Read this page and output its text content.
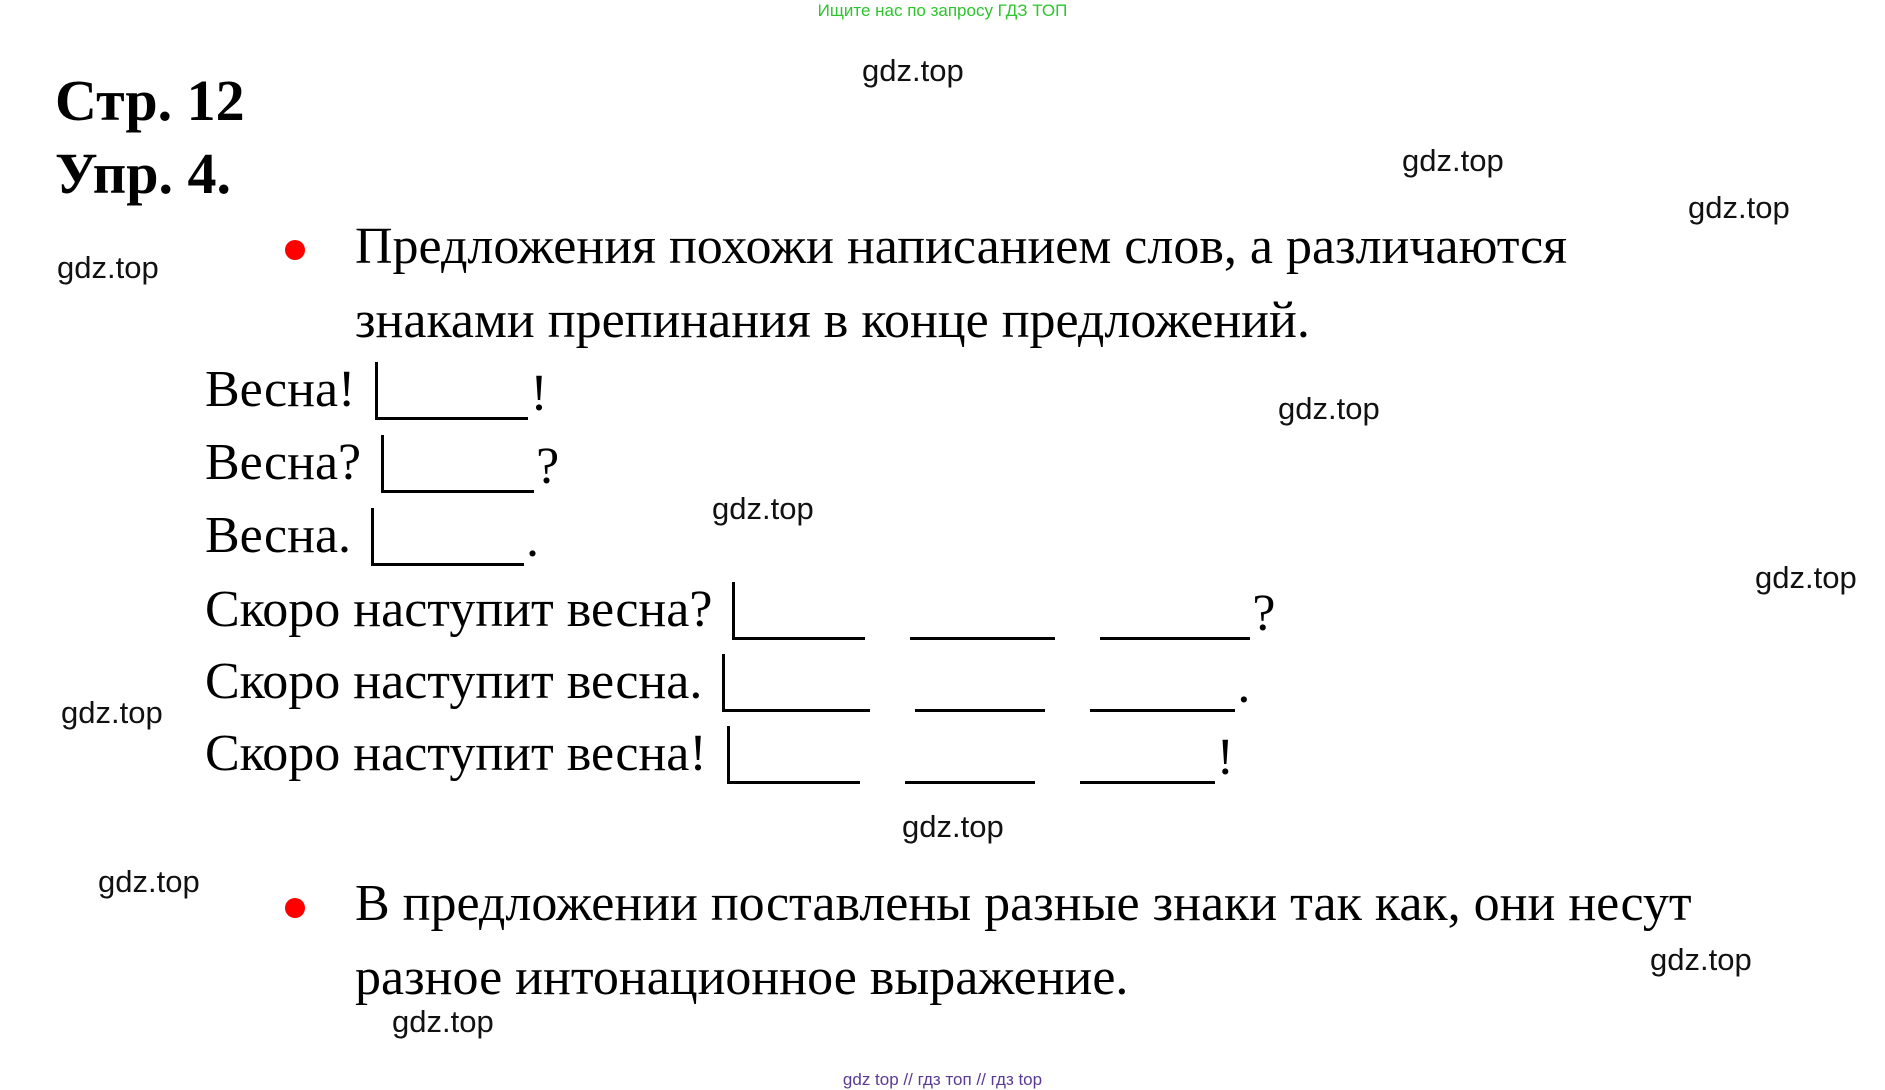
Ищите нас по запросу ГДЗ ТОП
Стр. 12
Упр. 4.
Предложения похожи написанием слов, а различаются
знаками препинания в конце предложений.
Весна!	!
Весна?	?
Весна.	.
Скоро наступит весна?	?
Скоро наступит весна.	.
Скоро наступит весна!	!
В предложении поставлены разные знаки так как, они несут
разное интонационное выражение.
gdz.top
gdz.top
gdz.top
gdz.top
gdz.top
gdz.top
gdz.top
gdz.top
gdz.top
gdz.top
gdz.top
gdz.top
gdz top // гдз топ // гдз top
